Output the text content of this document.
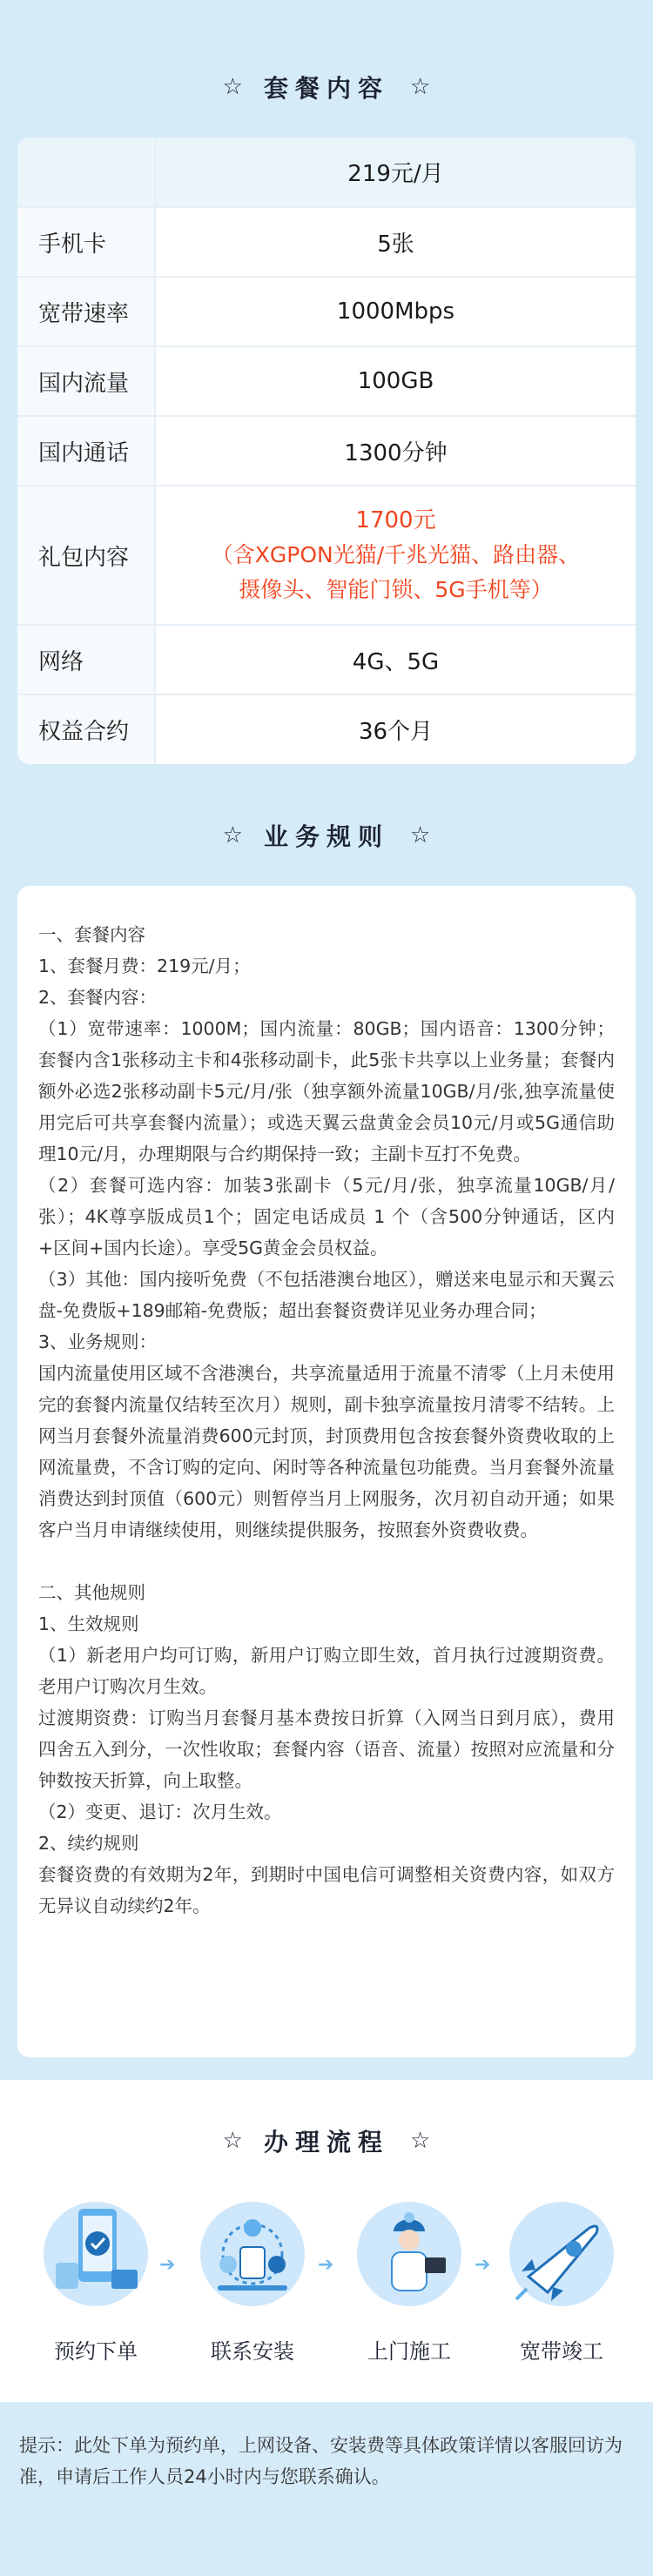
☆ 套餐内容 ☆
	219元/月
手机卡	5张
宽带速率	1000Mbps
国内流量	100GB
国内通话	1300分钟
礼包内容	1700元
（含XGPON光猫/千兆光猫、路由器、
摄像头、智能门锁、5G手机等）

网络	4G、5G
权益合约	36个月
☆ 业务规则 ☆

一、套餐内容

1、套餐月费：219元/月；

2、套餐内容：

（1）宽带速率：1000M；国内流量：80GB；国内语音：1300分钟；套餐内含1张移动主卡和4张移动副卡，此5张卡共享以上业务量；套餐内额外必选2张移动副卡5元/月/张（独享额外流量10GB/月/张,独享流量使用完后可共享套餐内流量）；或选天翼云盘黄金会员10元/月或5G通信助理10元/月，办理期限与合约期保持一致；主副卡互打不免费。

（2）套餐可选内容：加装3张副卡（5元/月/张，独享流量10GB/月/张）；4K尊享版成员1个；固定电话成员 1 个（含500分钟通话，区内+区间+国内长途）。享受5G黄金会员权益。

（3）其他：国内接听免费（不包括港澳台地区），赠送来电显示和天翼云盘-免费版+189邮箱-免费版；超出套餐资费详见业务办理合同；

3、业务规则：

国内流量使用区域不含港澳台，共享流量适用于流量不清零（上月未使用完的套餐内流量仅结转至次月）规则，副卡独享流量按月清零不结转。上网当月套餐外流量消费600元封顶，封顶费用包含按套餐外资费收取的上网流量费，不含订购的定向、闲时等各种流量包功能费。当月套餐外流量消费达到封顶值（600元）则暂停当月上网服务，次月初自动开通；如果客户当月申请继续使用，则继续提供服务，按照套外资费收费。

二、其他规则

1、生效规则

（1）新老用户均可订购，新用户订购立即生效，首月执行过渡期资费。老用户订购次月生效。

过渡期资费：订购当月套餐月基本费按日折算（入网当日到月底），费用四舍五入到分，一次性收取；套餐内容（语音、流量）按照对应流量和分钟数按天折算，向上取整。

（2）变更、退订：次月生效。

2、续约规则

套餐资费的有效期为2年，到期时中国电信可调整相关资费内容，如双方无异议自动续约2年。

☆ 办理流程 ☆
预约下单
➔
联系安装
➔
上门施工
➔
宽带竣工
提示：此处下单为预约单，上网设备、安装费等具体政策详情以客服回访为准，申请后工作人员24小时内与您联系确认。
